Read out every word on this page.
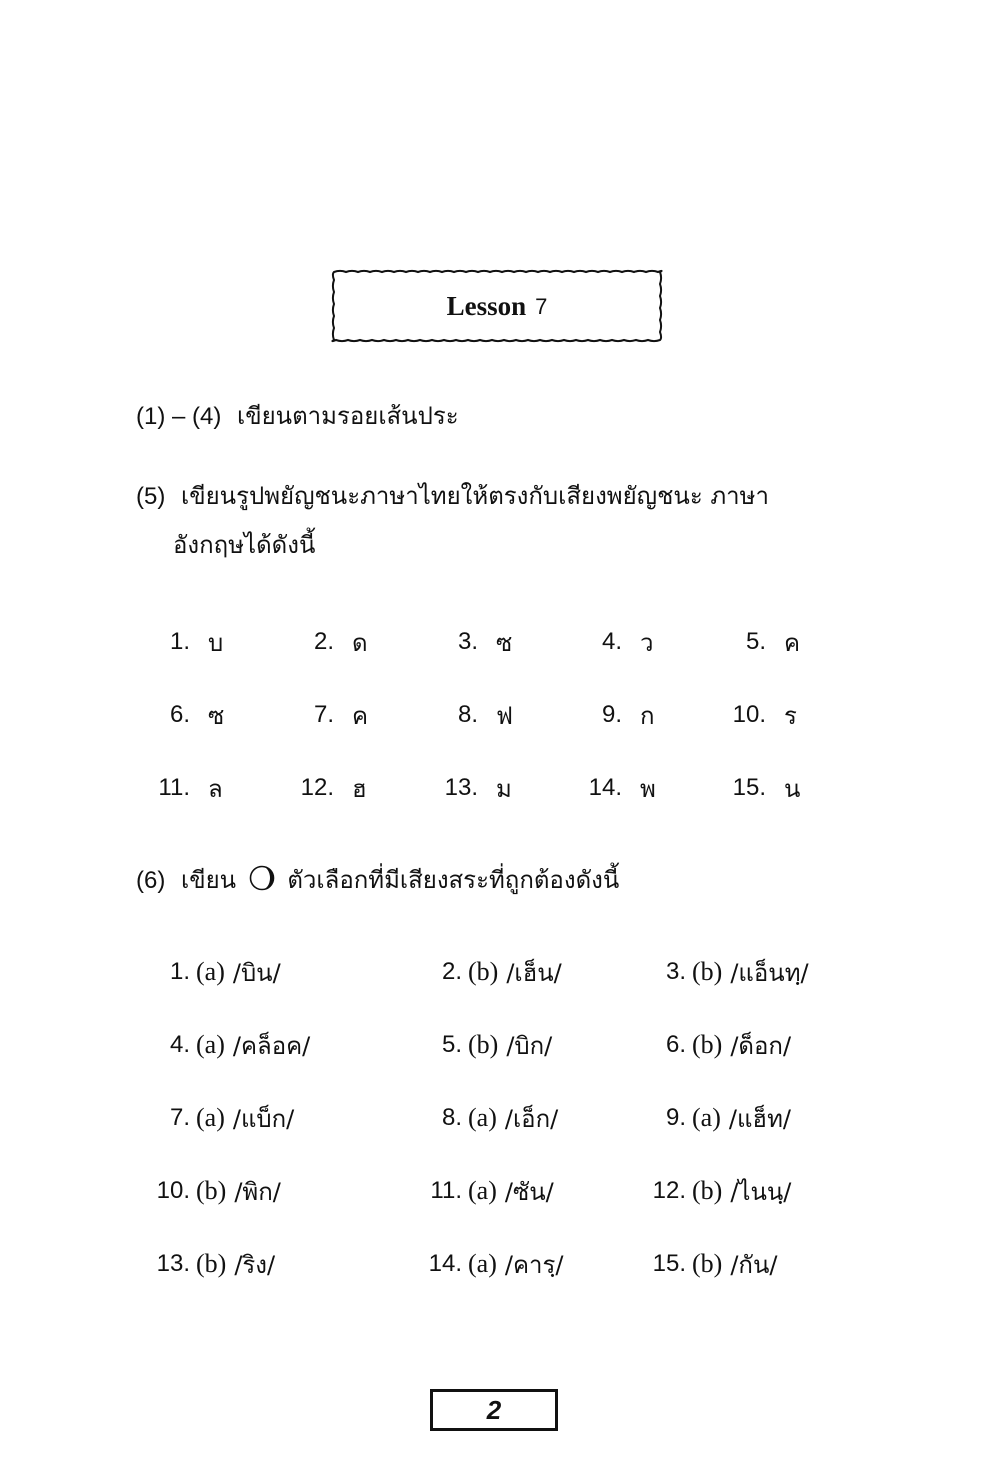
Lesson 7
(1) – (4) เขียนตามรอยเส้นประ
(5) เขียนรูปพยัญชนะภาษาไทยให้ตรงกับเสียงพยัญชนะ ภาษา
อังกฤษได้ดังนี้
1. บ	2. ด	3. ซ	4. ว	5. ค
6. ซ	7. ค	8. ฟ	9. ก	10. ร
11. ล	12. ฮ	13. ม	14. พ	15. น
(6) เขียน ตัวเลือกที่มีเสียงสระที่ถูกต้องดังนี้
1. (a) /บิน/	2. (b) /เฮ็น/	3. (b) /แอ็นทฺ/
4. (a) /คล็อค/	5. (b) /บิก/	6. (b) /ด็อก/
7. (a) /แบ็ก/	8. (a) /เอ็ก/	9. (a) /แฮ็ท/
10. (b) /พิก/	11. (a) /ซัน/	12. (b) /ไนนฺ/
13. (b) /ริง/	14. (a) /คารฺ/	15. (b) /กัน/
2
